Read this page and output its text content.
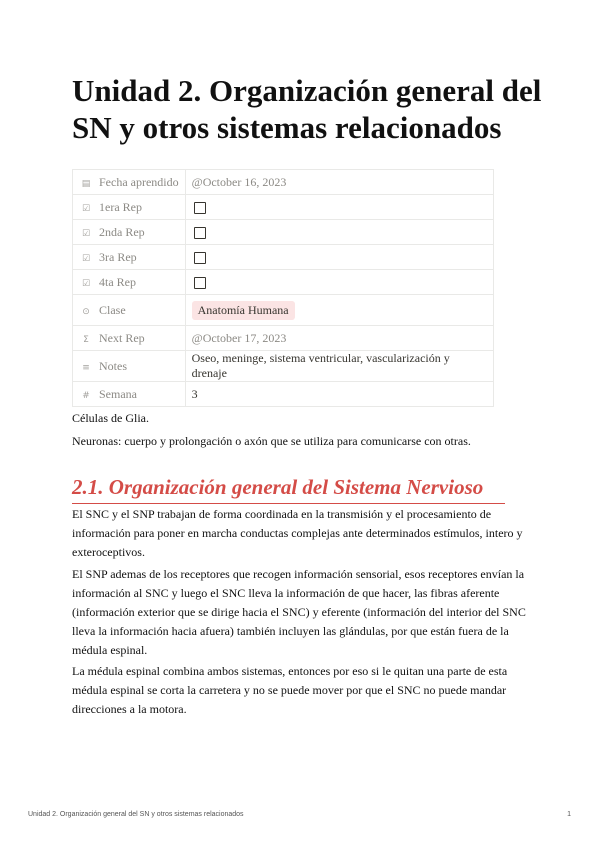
Unidad 2. Organización general del SN y otros sistemas relacionados
▤ Fecha aprendido	@October 16, 2023
☑ 1era Rep	
☑ 2nda Rep	
☑ 3ra Rep	
☑ 4ta Rep	
⊙ Clase	Anatomía Humana
Σ Next Rep	@October 17, 2023
≡ Notes	Oseo, meninge, sistema ventricular, vascularización y drenaje
# Semana	3

Células de Glia.

Neuronas: cuerpo y prolongación o axón que se utiliza para comunicarse con otras.

2.1. Organización general del Sistema Nervioso

El SNC y el SNP trabajan de forma coordinada en la transmisión y el procesamiento de información para poner en marcha conductas complejas ante determinados estímulos, intero y exteroceptivos.

El SNP ademas de los receptores que recogen información sensorial, esos receptores envían la información al SNC y luego el SNC lleva la información de que hacer, las fibras aferente (información exterior que se dirige hacia el SNC) y eferente (información del interior del SNC lleva la información hacia afuera) también incluyen las glándulas, por que están fuera de la médula espinal.

La médula espinal combina ambos sistemas, entonces por eso si le quitan una parte de esta médula espinal se corta la carretera y no se puede mover por que el SNC no puede mandar direcciones a la motora.

Unidad 2. Organización general del SN y otros sistemas relacionados	1
